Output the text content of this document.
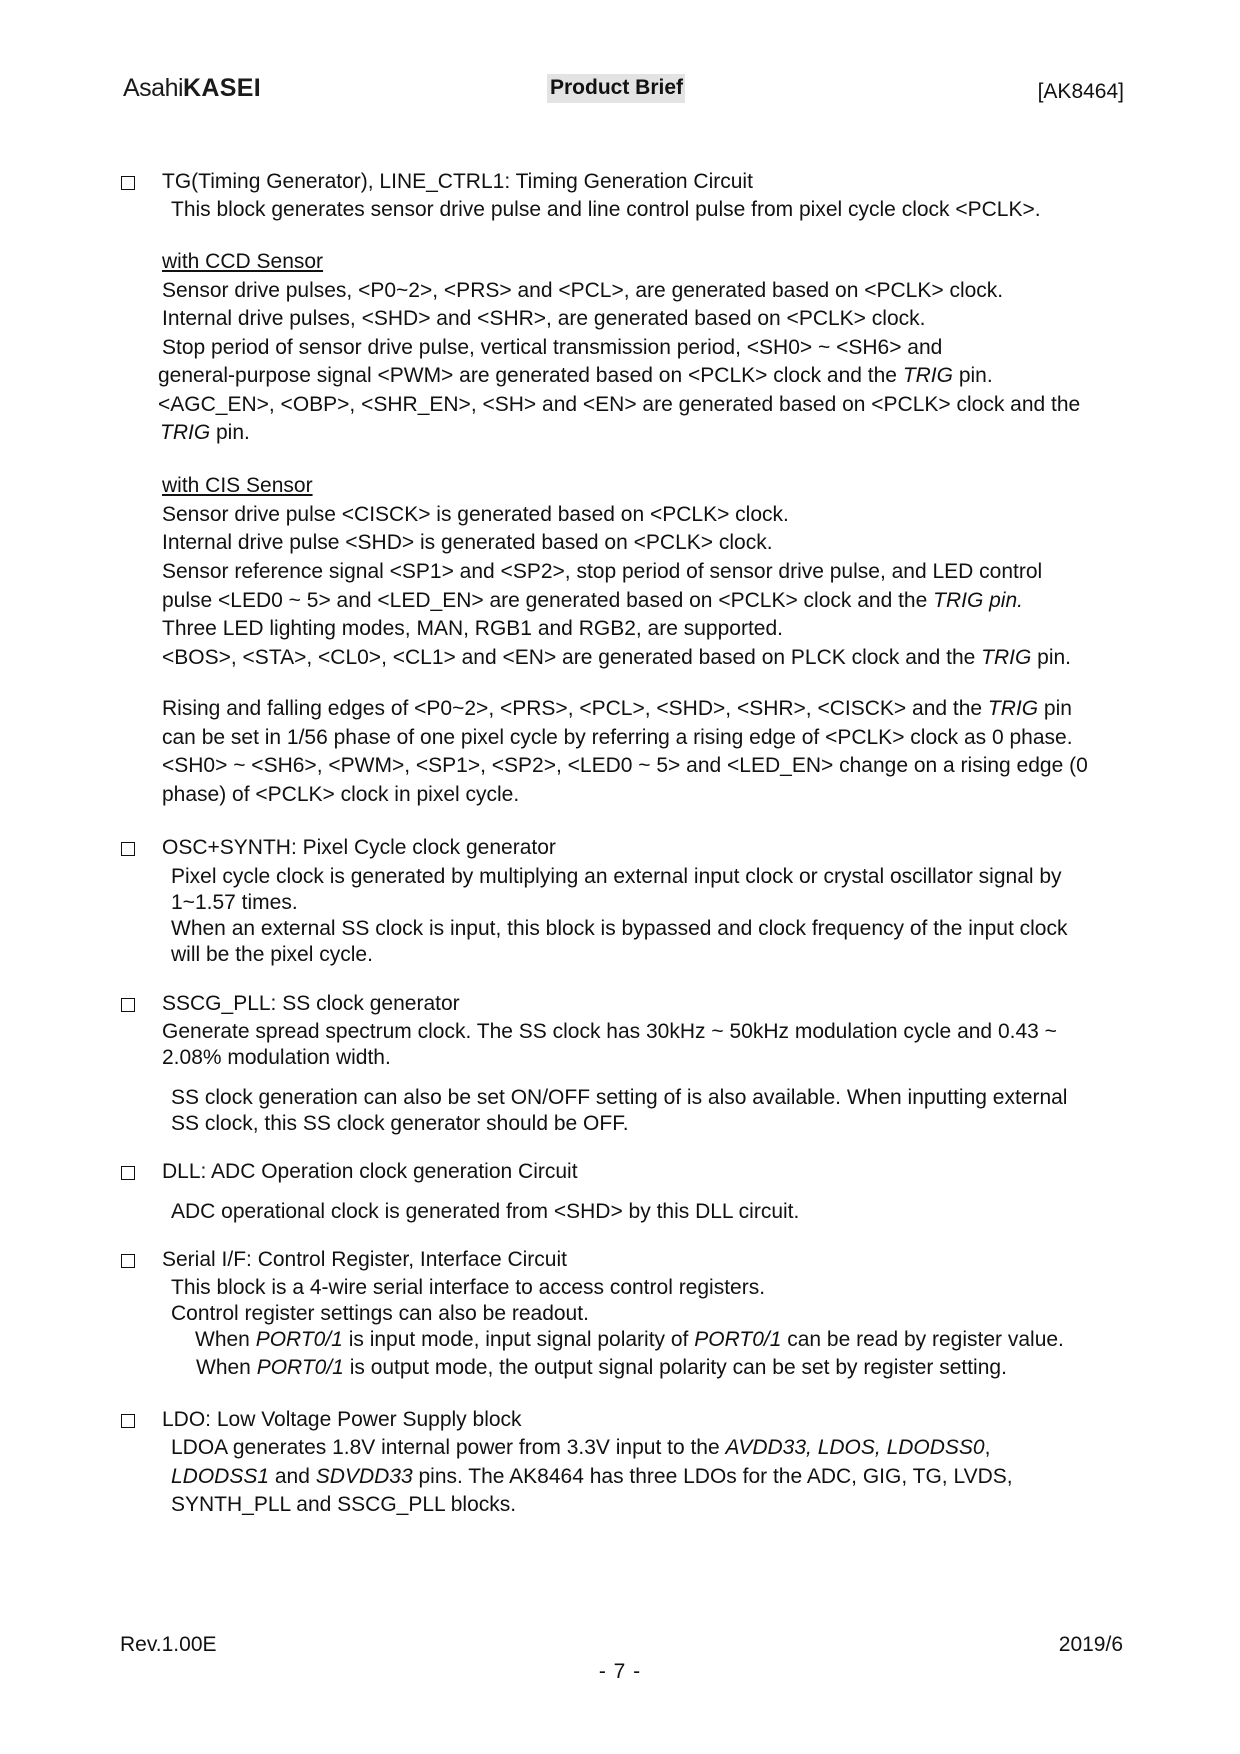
AsahiKASEI	Product Brief	[AK8464]
TG(Timing Generator), LINE_CTRL1: Timing Generation Circuit
This block generates sensor drive pulse and line control pulse from pixel cycle clock <PCLK>.
with CCD Sensor
Sensor drive pulses, <P0~2>, <PRS> and <PCL>, are generated based on <PCLK> clock.
Internal drive pulses, <SHD> and <SHR>, are generated based on <PCLK> clock.
Stop period of sensor drive pulse, vertical transmission period, <SH0> ~ <SH6> and
general-purpose signal <PWM> are generated based on <PCLK> clock and the TRIG pin.
<AGC_EN>, <OBP>, <SHR_EN>, <SH> and <EN> are generated based on <PCLK> clock and the
TRIG pin.
with CIS Sensor
Sensor drive pulse <CISCK> is generated based on <PCLK> clock.
Internal drive pulse <SHD> is generated based on <PCLK> clock.
Sensor reference signal <SP1> and <SP2>, stop period of sensor drive pulse, and LED control
pulse <LED0 ~ 5> and <LED_EN> are generated based on <PCLK> clock and the TRIG pin.
Three LED lighting modes, MAN, RGB1 and RGB2, are supported.
<BOS>, <STA>, <CL0>, <CL1> and <EN> are generated based on PLCK clock and the TRIG pin.
Rising and falling edges of <P0~2>, <PRS>, <PCL>, <SHD>, <SHR>, <CISCK> and the TRIG pin
can be set in 1/56 phase of one pixel cycle by referring a rising edge of <PCLK> clock as 0 phase.
<SH0> ~ <SH6>, <PWM>, <SP1>, <SP2>, <LED0 ~ 5> and <LED_EN> change on a rising edge (0
phase) of <PCLK> clock in pixel cycle.
OSC+SYNTH: Pixel Cycle clock generator
Pixel cycle clock is generated by multiplying an external input clock or crystal oscillator signal by
1~1.57 times.
When an external SS clock is input, this block is bypassed and clock frequency of the input clock
will be the pixel cycle.
SSCG_PLL: SS clock generator
Generate spread spectrum clock. The SS clock has 30kHz ~ 50kHz modulation cycle and 0.43 ~
2.08% modulation width.
SS clock generation can also be set ON/OFF setting of is also available. When inputting external
SS clock, this SS clock generator should be OFF.
DLL: ADC Operation clock generation Circuit
ADC operational clock is generated from <SHD> by this DLL circuit.
Serial I/F: Control Register, Interface Circuit
This block is a 4-wire serial interface to access control registers.
Control register settings can also be readout.
When PORT0/1 is input mode, input signal polarity of PORT0/1 can be read by register value.
When PORT0/1 is output mode, the output signal polarity can be set by register setting.
LDO: Low Voltage Power Supply block
LDOA generates 1.8V internal power from 3.3V input to the AVDD33, LDOS, LDODSS0,
LDODSS1 and SDVDD33 pins. The AK8464 has three LDOs for the ADC, GIG, TG, LVDS,
SYNTH_PLL and SSCG_PLL blocks.
Rev.1.00E	2019/6
- 7 -
